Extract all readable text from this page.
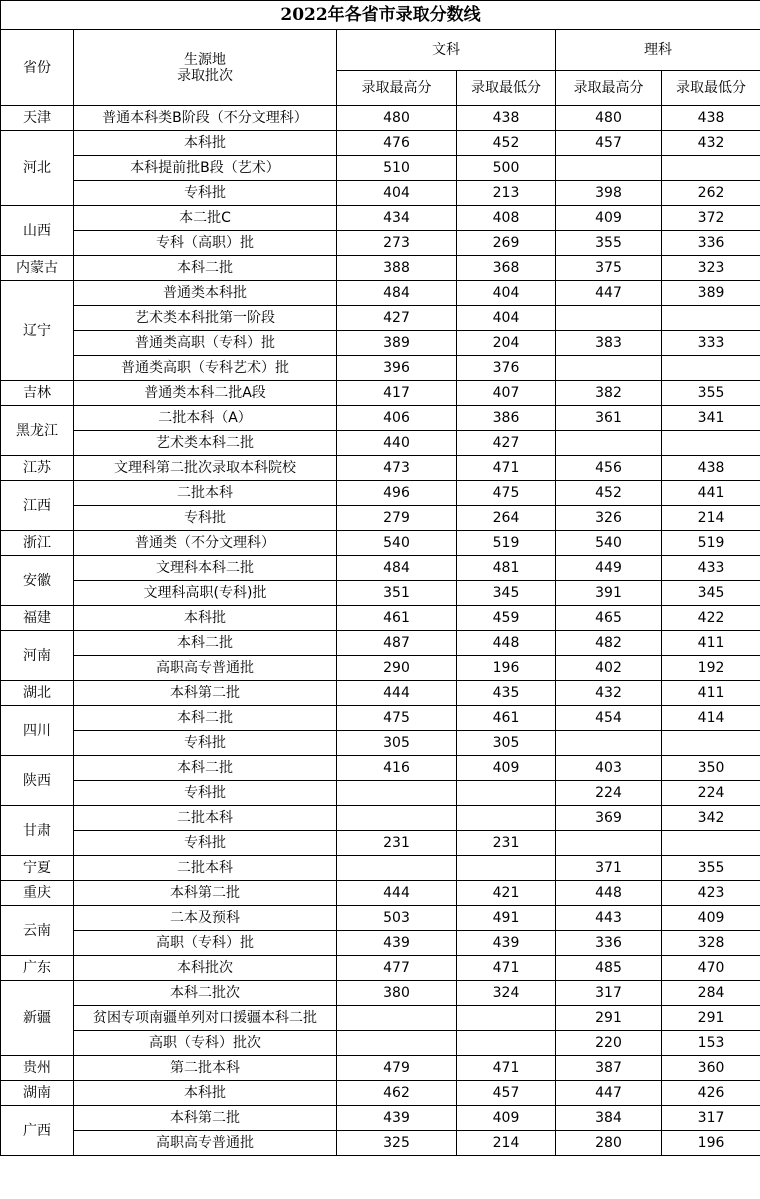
2022年各省市录取分数线					
省份	生源地
录取批次	文科		理科	
		录取最高分	录取最低分	录取最高分	录取最低分
天津	普通本科类B阶段（不分文理科）	480	438	480	438
河北	本科批	476	452	457	432
	本科提前批B段（艺术）	510	500		
	专科批	404	213	398	262
山西	本二批C	434	408	409	372
	专科（高职）批	273	269	355	336
内蒙古	本科二批	388	368	375	323
辽宁	普通类本科批	484	404	447	389
	艺术类本科批第一阶段	427	404		
	普通类高职（专科）批	389	204	383	333
	普通类高职（专科艺术）批	396	376		
吉林	普通类本科二批A段	417	407	382	355
黑龙江	二批本科（A）	406	386	361	341
	艺术类本科二批	440	427		
江苏	文理科第二批次录取本科院校	473	471	456	438
江西	二批本科	496	475	452	441
	专科批	279	264	326	214
浙江	普通类（不分文理科）	540	519	540	519
安徽	文理科本科二批	484	481	449	433
	文理科高职(专科)批	351	345	391	345
福建	本科批	461	459	465	422
河南	本科二批	487	448	482	411
	高职高专普通批	290	196	402	192
湖北	本科第二批	444	435	432	411
四川	本科二批	475	461	454	414
	专科批	305	305		
陕西	本科二批	416	409	403	350
	专科批			224	224
甘肃	二批本科			369	342
	专科批	231	231		
宁夏	二批本科			371	355
重庆	本科第二批	444	421	448	423
云南	二本及预科	503	491	443	409
	高职（专科）批	439	439	336	328
广东	本科批次	477	471	485	470
新疆	本科二批次	380	324	317	284
	贫困专项南疆单列对口援疆本科二批			291	291
	高职（专科）批次			220	153
贵州	第二批本科	479	471	387	360
湖南	本科批	462	457	447	426
广西	本科第二批	439	409	384	317
	高职高专普通批	325	214	280	196
